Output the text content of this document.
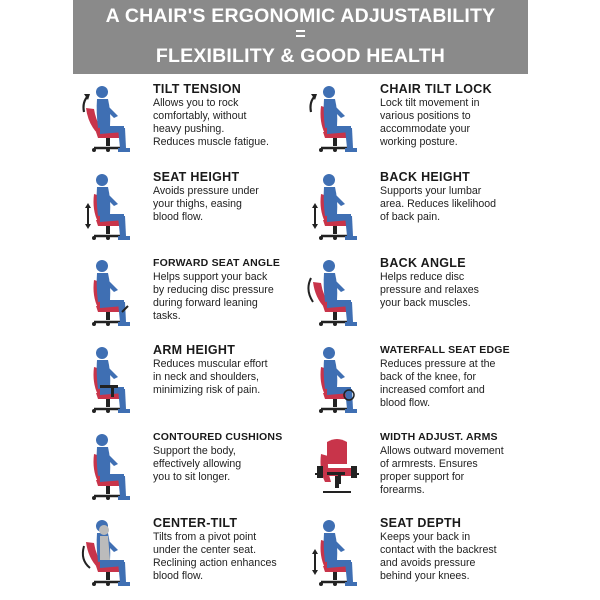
A CHAIR'S ERGONOMIC ADJUSTABILITY
=
FLEXIBILITY & GOOD HEALTH
TILT TENSION
Allows you to rock
comfortably, without
heavy pushing.
Reduces muscle fatigue.
CHAIR TILT LOCK
Lock tilt movement in
various positions to
accommodate your
working posture.
SEAT HEIGHT
Avoids pressure under
your thighs, easing
blood flow.
BACK HEIGHT
Supports your lumbar
area. Reduces likelihood
of back pain.
FORWARD SEAT ANGLE
Helps support your back
by reducing disc pressure
during forward leaning
tasks.
BACK ANGLE
Helps reduce disc
pressure and relaxes
your back muscles.
ARM HEIGHT
Reduces muscular effort
in neck and shoulders,
minimizing risk of pain.
WATERFALL SEAT EDGE
Reduces pressure at the
back of the knee, for
increased comfort and
blood flow.
CONTOURED CUSHIONS
Support the body,
effectively allowing
you to sit longer.
WIDTH ADJUST. ARMS
Allows outward movement
of armrests. Ensures
proper support for
forearms.
CENTER-TILT
Tilts from a pivot point
under the center seat.
Reclining action enhances
blood flow.
SEAT DEPTH
Keeps your back in
contact with the backrest
and avoids pressure
behind your knees.
